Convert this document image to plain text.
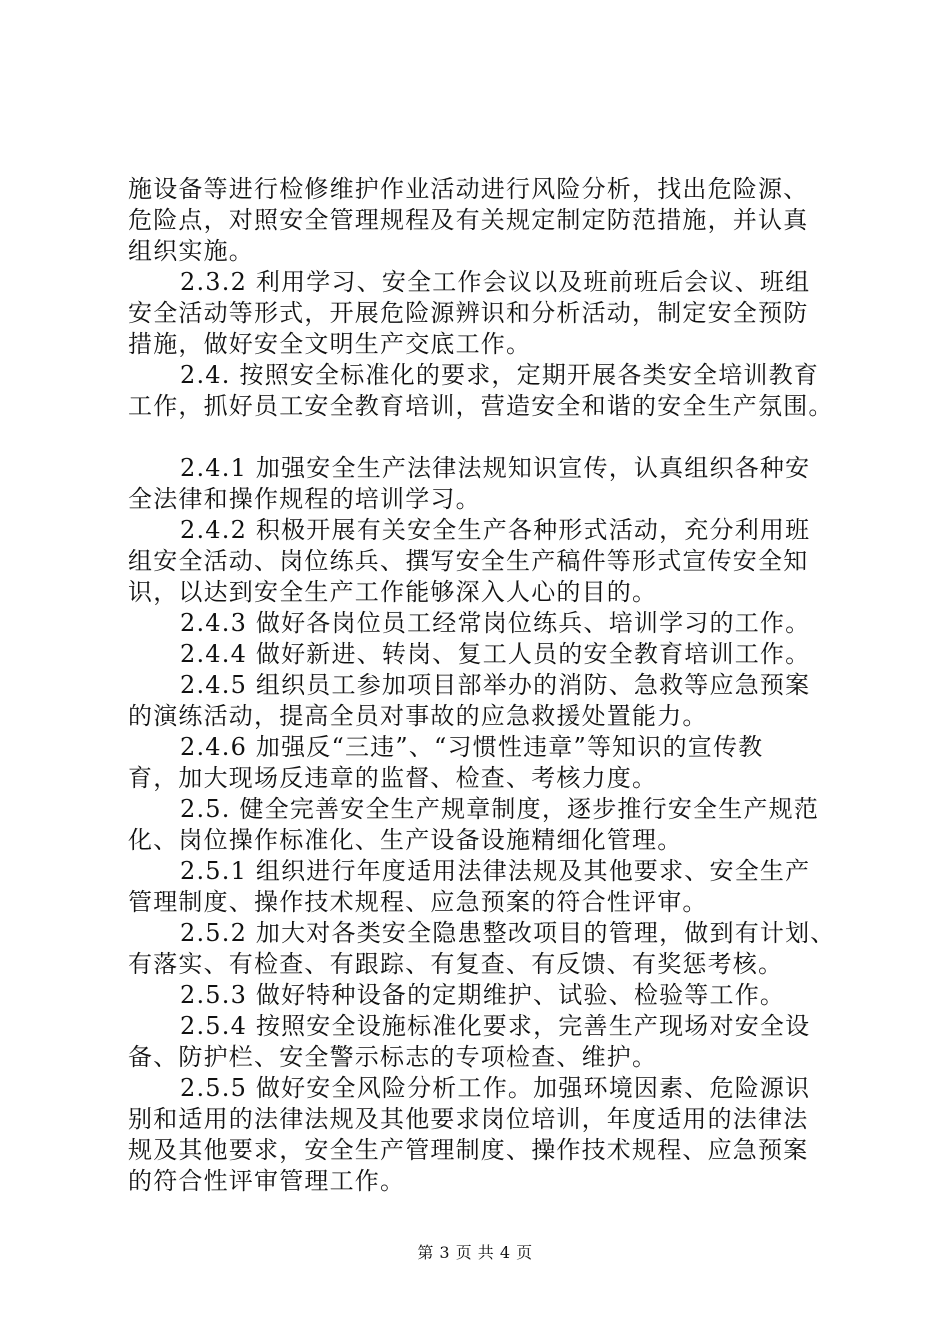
施设备等进行检修维护作业活动进行风险分析，找出危险源、
危险点，对照安全管理规程及有关规定制定防范措施，并认真
组织实施。
2.3.2 利用学习、安全工作会议以及班前班后会议、班组
安全活动等形式，开展危险源辨识和分析活动，制定安全预防
措施，做好安全文明生产交底工作。
2.4. 按照安全标准化的要求，定期开展各类安全培训教育
工作，抓好员工安全教育培训，营造安全和谐的安全生产氛围。
2.4.1 加强安全生产法律法规知识宣传，认真组织各种安
全法律和操作规程的培训学习。
2.4.2 积极开展有关安全生产各种形式活动，充分利用班
组安全活动、岗位练兵、撰写安全生产稿件等形式宣传安全知
识，以达到安全生产工作能够深入人心的目的。
2.4.3 做好各岗位员工经常岗位练兵、培训学习的工作。
2.4.4 做好新进、转岗、复工人员的安全教育培训工作。
2.4.5 组织员工参加项目部举办的消防、急救等应急预案
的演练活动，提高全员对事故的应急救援处置能力。
2.4.6 加强反“三违”、“习惯性违章”等知识的宣传教
育，加大现场反违章的监督、检查、考核力度。
2.5. 健全完善安全生产规章制度，逐步推行安全生产规范
化、岗位操作标准化、生产设备设施精细化管理。
2.5.1 组织进行年度适用法律法规及其他要求、安全生产
管理制度、操作技术规程、应急预案的符合性评审。
2.5.2 加大对各类安全隐患整改项目的管理，做到有计划、
有落实、有检查、有跟踪、有复查、有反馈、有奖惩考核。
2.5.3 做好特种设备的定期维护、试验、检验等工作。
2.5.4 按照安全设施标准化要求，完善生产现场对安全设
备、防护栏、安全警示标志的专项检查、维护。
2.5.5 做好安全风险分析工作。加强环境因素、危险源识
别和适用的法律法规及其他要求岗位培训，年度适用的法律法
规及其他要求，安全生产管理制度、操作技术规程、应急预案
的符合性评审管理工作。
第 3 页 共 4 页
